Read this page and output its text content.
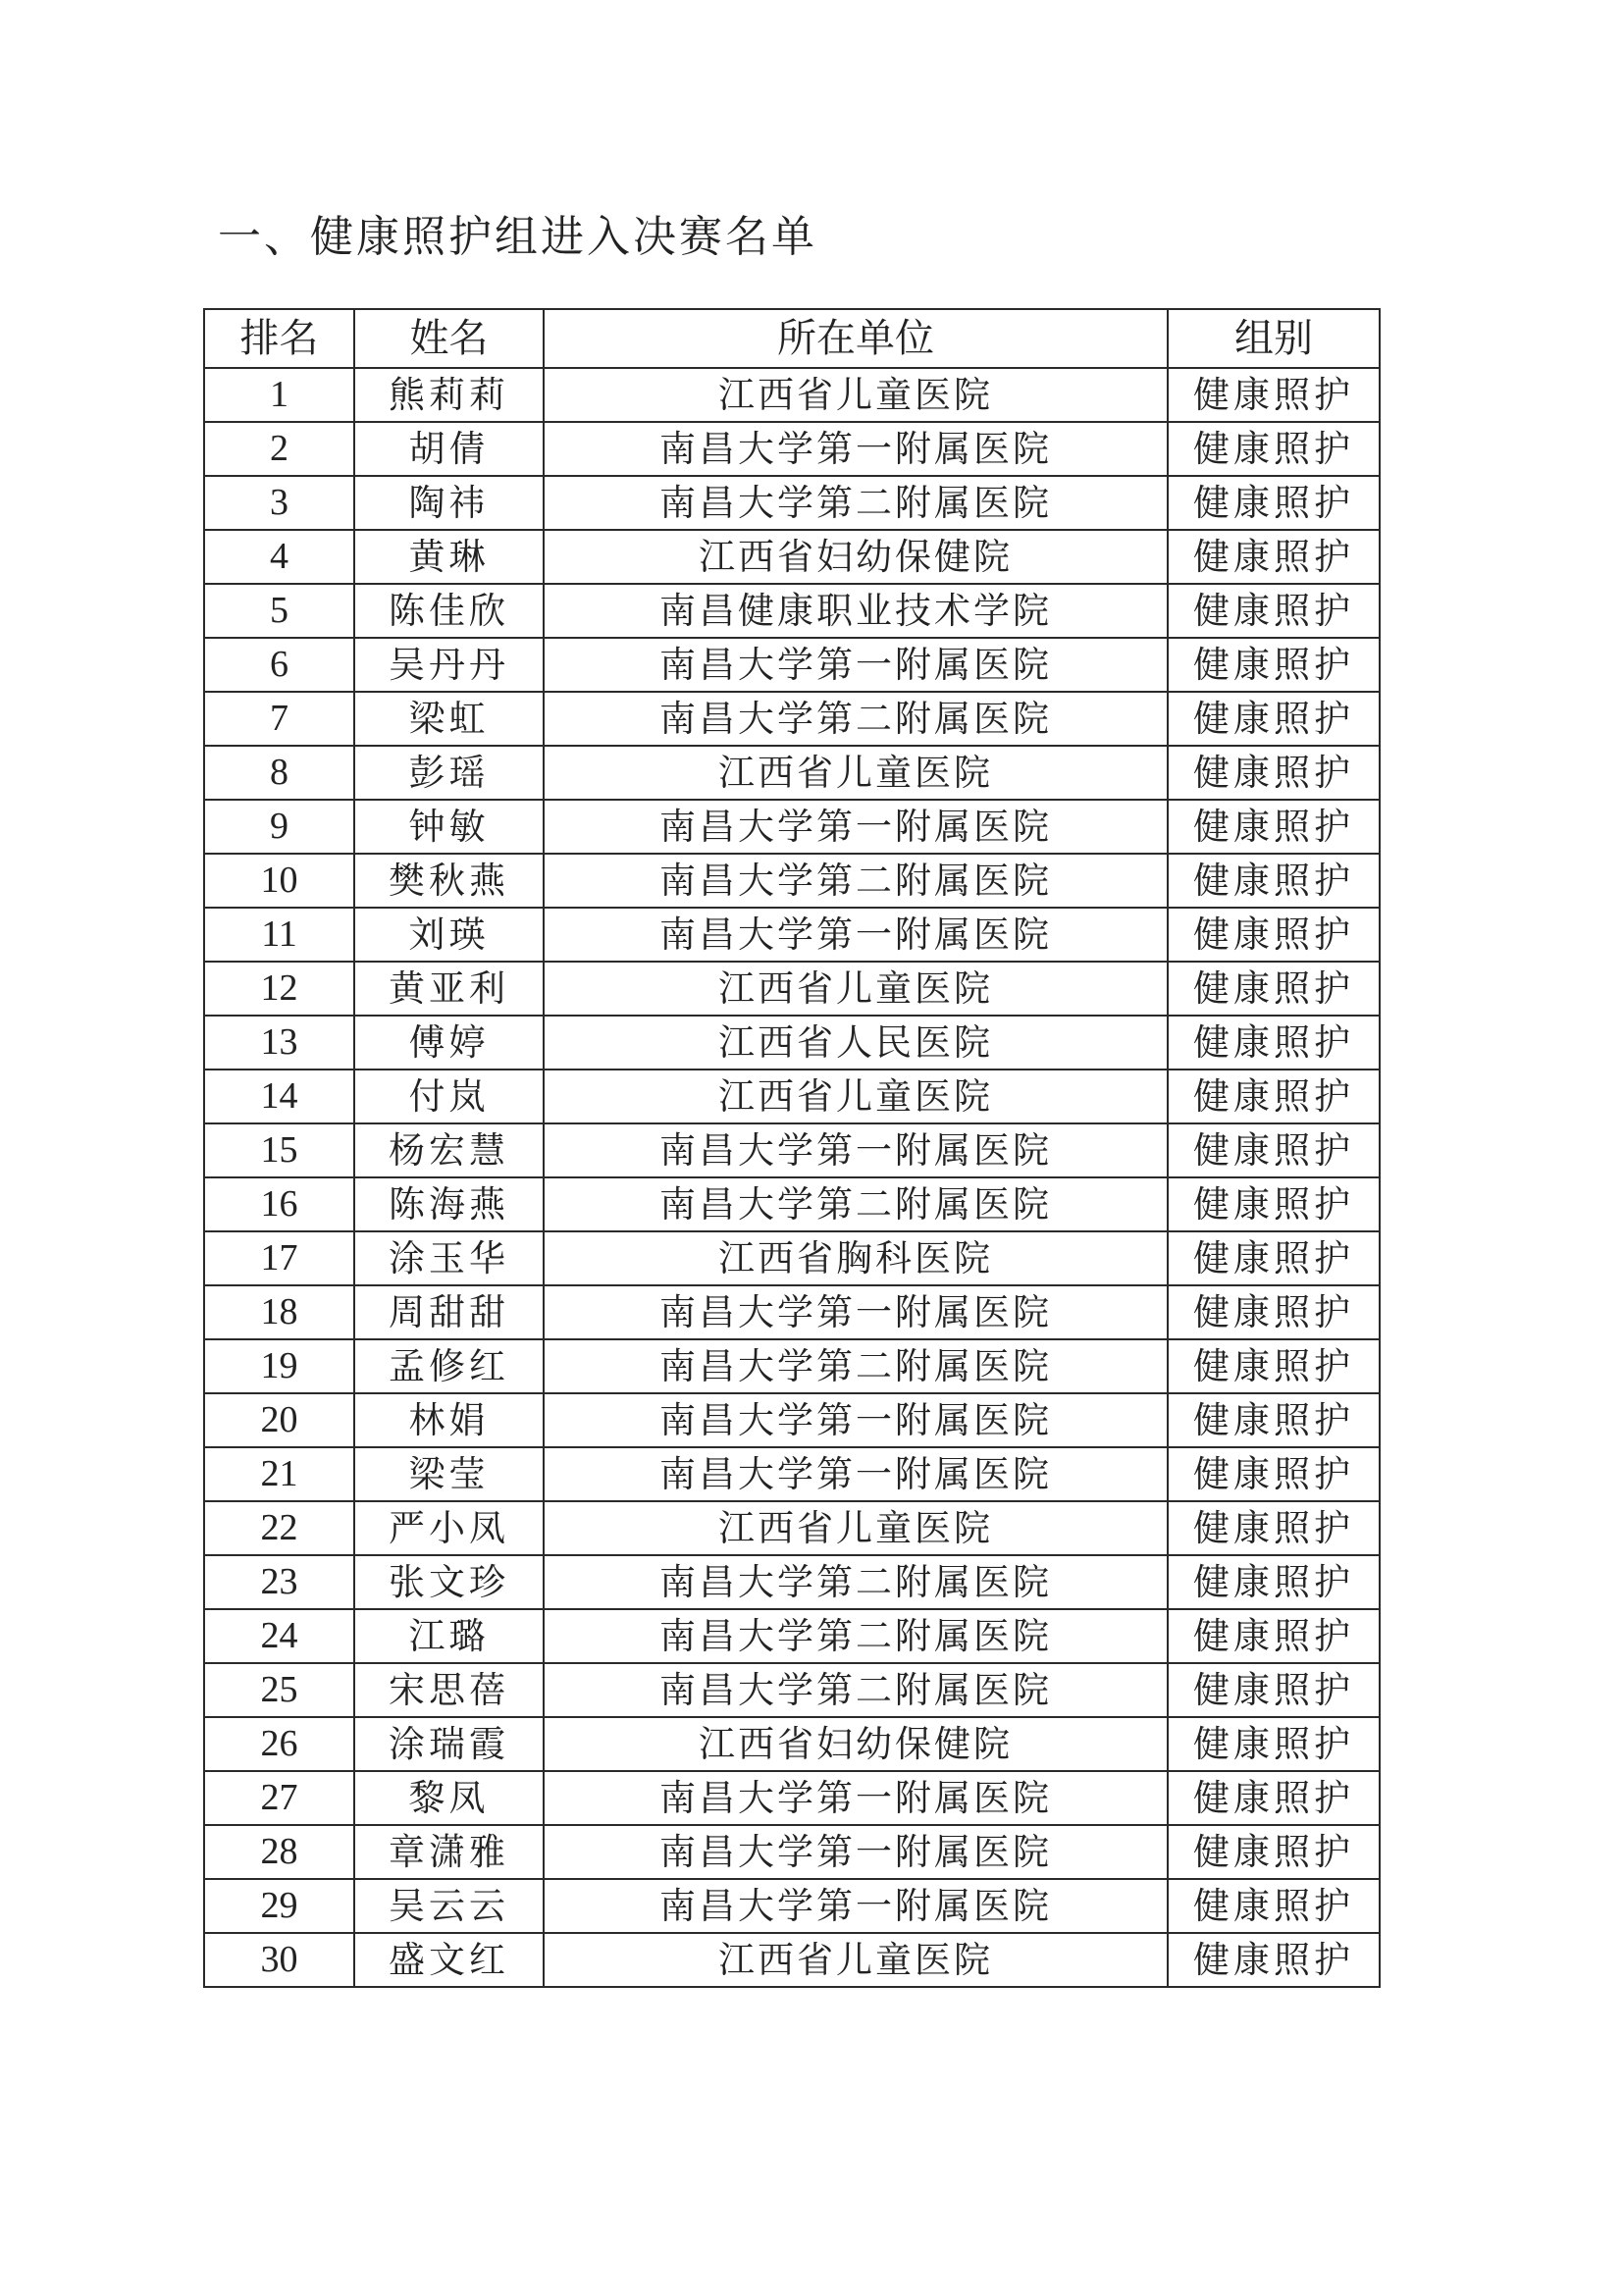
一、健康照护组进入决赛名单
排名	姓名	所在单位	组别
1	熊莉莉	江西省儿童医院	健康照护
2	胡倩	南昌大学第一附属医院	健康照护
3	陶祎	南昌大学第二附属医院	健康照护
4	黄琳	江西省妇幼保健院	健康照护
5	陈佳欣	南昌健康职业技术学院	健康照护
6	吴丹丹	南昌大学第一附属医院	健康照护
7	梁虹	南昌大学第二附属医院	健康照护
8	彭瑶	江西省儿童医院	健康照护
9	钟敏	南昌大学第一附属医院	健康照护
10	樊秋燕	南昌大学第二附属医院	健康照护
11	刘瑛	南昌大学第一附属医院	健康照护
12	黄亚利	江西省儿童医院	健康照护
13	傅婷	江西省人民医院	健康照护
14	付岚	江西省儿童医院	健康照护
15	杨宏慧	南昌大学第一附属医院	健康照护
16	陈海燕	南昌大学第二附属医院	健康照护
17	涂玉华	江西省胸科医院	健康照护
18	周甜甜	南昌大学第一附属医院	健康照护
19	孟修红	南昌大学第二附属医院	健康照护
20	林娟	南昌大学第一附属医院	健康照护
21	梁莹	南昌大学第一附属医院	健康照护
22	严小凤	江西省儿童医院	健康照护
23	张文珍	南昌大学第二附属医院	健康照护
24	江璐	南昌大学第二附属医院	健康照护
25	宋思蓓	南昌大学第二附属医院	健康照护
26	涂瑞霞	江西省妇幼保健院	健康照护
27	黎凤	南昌大学第一附属医院	健康照护
28	章潇雅	南昌大学第一附属医院	健康照护
29	吴云云	南昌大学第一附属医院	健康照护
30	盛文红	江西省儿童医院	健康照护
